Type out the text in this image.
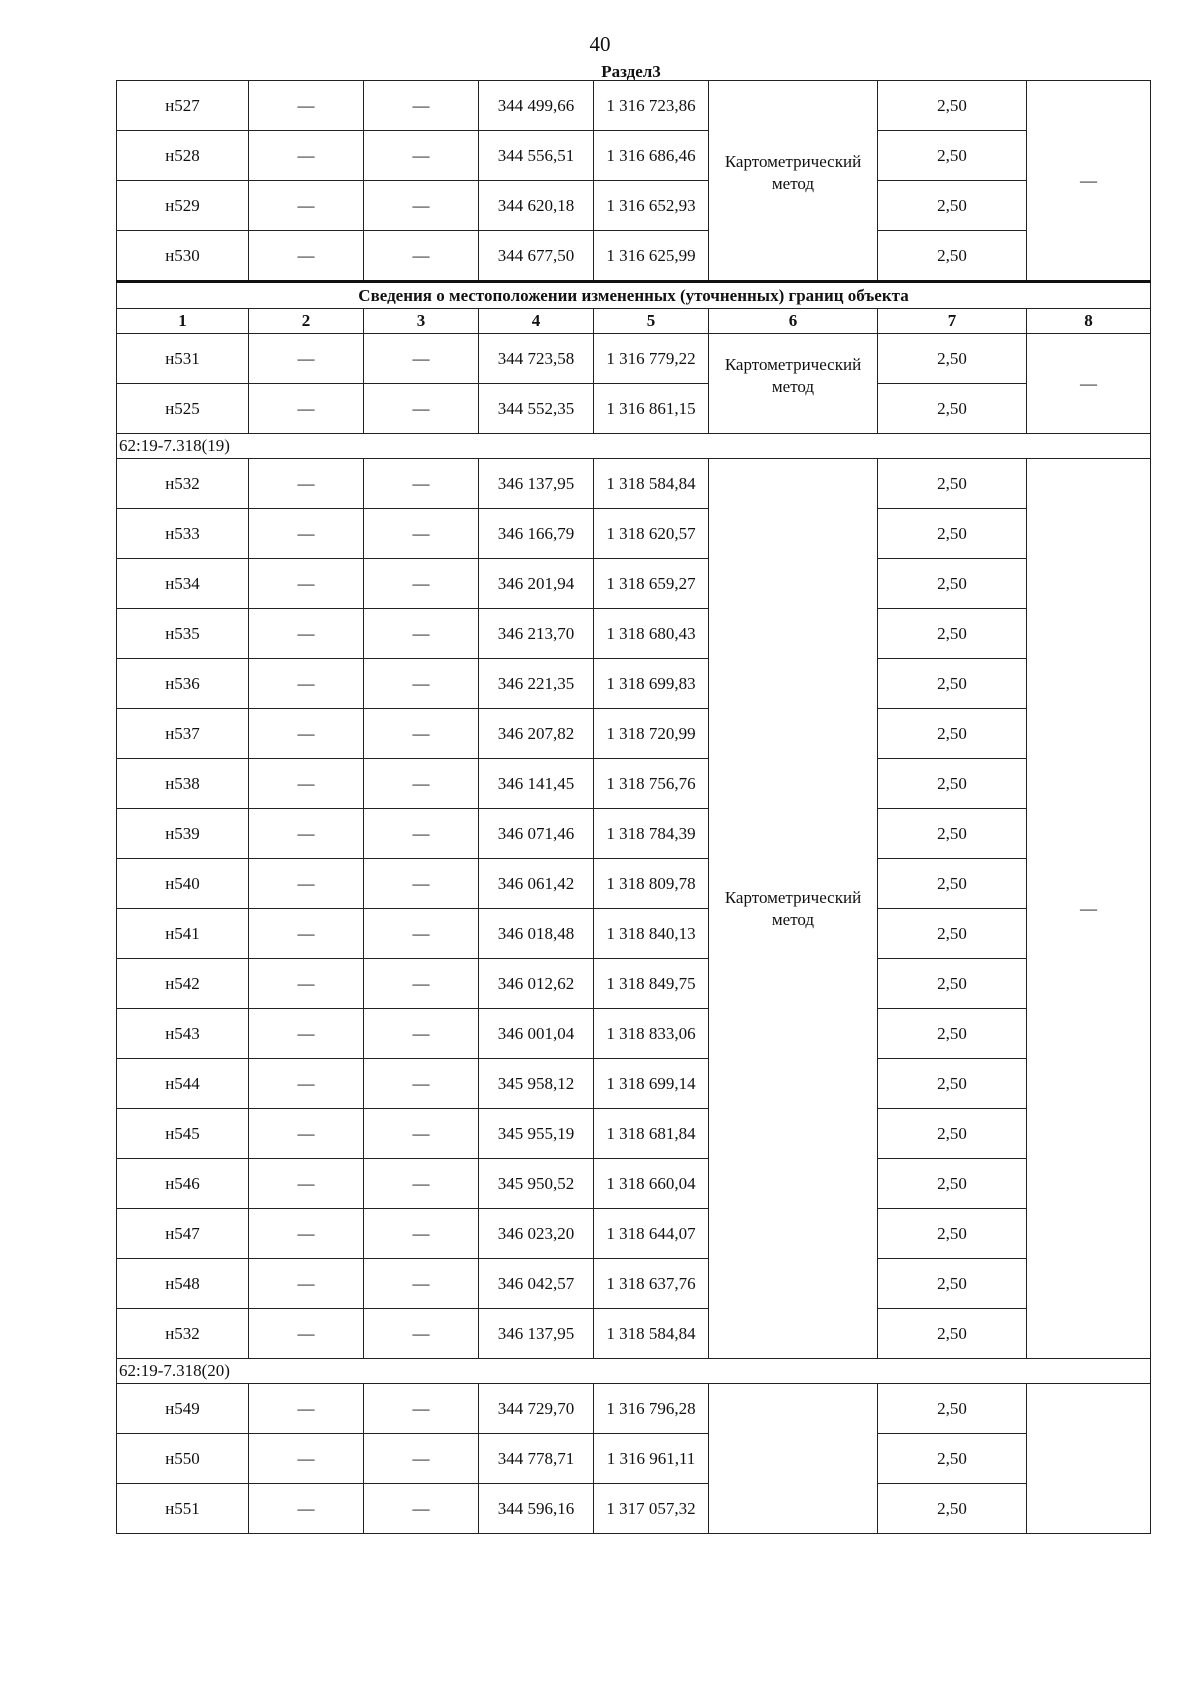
40
Раздел3
н527	—	—	344 499,66	1 316 723,86	Картометрический метод	2,50	—
н528	—	—	344 556,51	1 316 686,46		2,50	
н529	—	—	344 620,18	1 316 652,93		2,50	
н530	—	—	344 677,50	1 316 625,99		2,50	
Сведения о местоположении измененных (уточненных) границ объекта							
1	2	3	4	5	6	7	8
н531	—	—	344 723,58	1 316 779,22	Картометрический метод	2,50	—
н525	—	—	344 552,35	1 316 861,15		2,50	
62:19-7.318(19)							
н532	—	—	346 137,95	1 318 584,84	Картометрический метод	2,50	—
н533	—	—	346 166,79	1 318 620,57		2,50	
н534	—	—	346 201,94	1 318 659,27		2,50	
н535	—	—	346 213,70	1 318 680,43		2,50	
н536	—	—	346 221,35	1 318 699,83		2,50	
н537	—	—	346 207,82	1 318 720,99		2,50	
н538	—	—	346 141,45	1 318 756,76		2,50	
н539	—	—	346 071,46	1 318 784,39		2,50	
н540	—	—	346 061,42	1 318 809,78		2,50	
н541	—	—	346 018,48	1 318 840,13		2,50	
н542	—	—	346 012,62	1 318 849,75		2,50	
н543	—	—	346 001,04	1 318 833,06		2,50	
н544	—	—	345 958,12	1 318 699,14		2,50	
н545	—	—	345 955,19	1 318 681,84		2,50	
н546	—	—	345 950,52	1 318 660,04		2,50	
н547	—	—	346 023,20	1 318 644,07		2,50	
н548	—	—	346 042,57	1 318 637,76		2,50	
н532	—	—	346 137,95	1 318 584,84		2,50	
62:19-7.318(20)							
н549	—	—	344 729,70	1 316 796,28		2,50	
н550	—	—	344 778,71	1 316 961,11		2,50	
н551	—	—	344 596,16	1 317 057,32		2,50	
